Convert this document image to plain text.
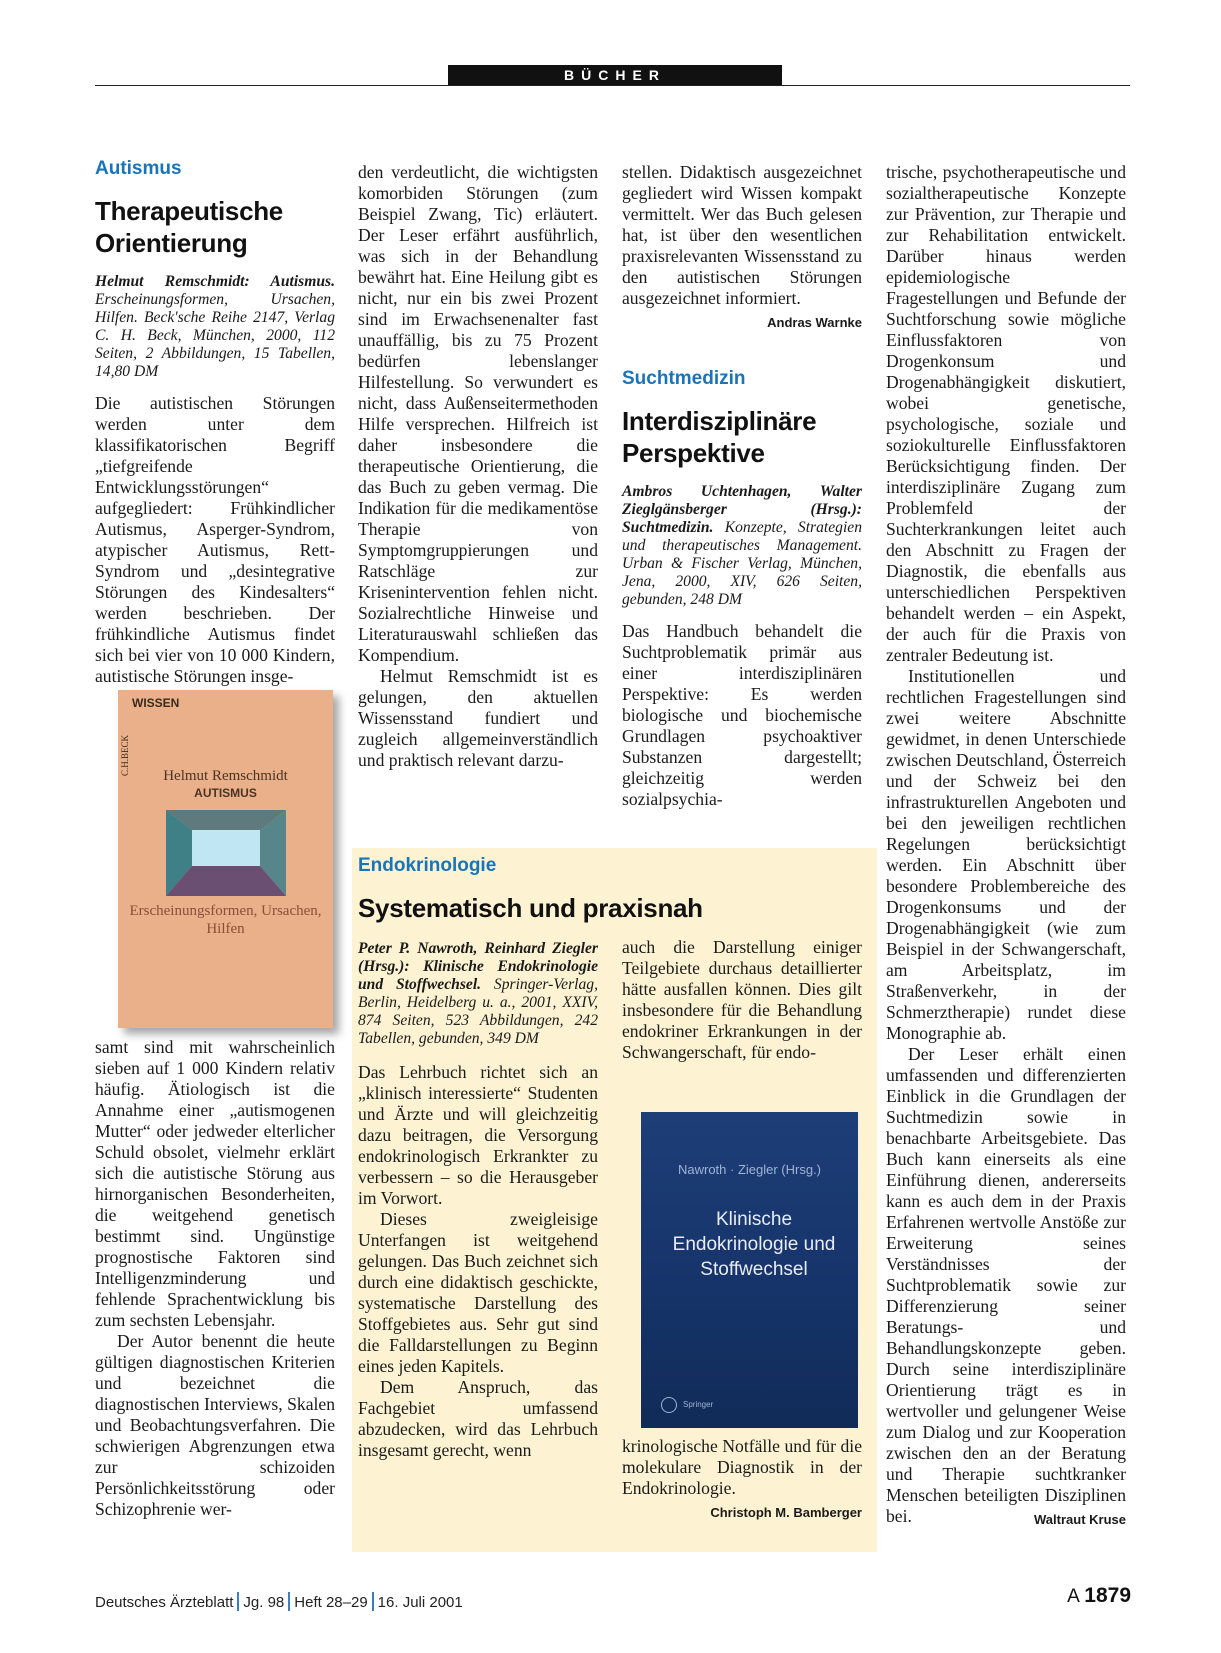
BÜCHER
Autismus
Therapeutische
Orientierung
Helmut Remschmidt: Autismus. Erscheinungsformen, Ursachen, Hilfen. Beck'sche Reihe 2147, Verlag C. H. Beck, München, 2000, 112 Seiten, 2 Abbildungen, 15 Tabellen, 14,80 DM

Die autistischen Störungen werden unter dem klassifikatorischen Begriff „tiefgreifende Entwicklungsstörungen“ aufgegliedert: Frühkindlicher Autismus, Asperger-Syndrom, atypischer Autismus, Rett-Syndrom und „desintegrative Störungen des Kindesalters“ werden beschrieben. Der frühkindliche Autismus findet sich bei vier von 10 000 Kindern, autistische Störungen insge-

WISSEN
C.H.BECK	Helmut Remschmidt
AUTISMUS
Erscheinungsformen, Ursachen, Hilfen

samt sind mit wahrscheinlich sieben auf 1 000 Kindern relativ häufig. Ätiologisch ist die Annahme einer „autismogenen Mutter“ oder jedweder elterlicher Schuld obsolet, vielmehr erklärt sich die autistische Störung aus hirnorganischen Besonderheiten, die weitgehend genetisch bestimmt sind. Ungünstige prognostische Faktoren sind Intelligenzminderung und fehlende Sprachentwicklung bis zum sechsten Lebensjahr.

Der Autor benennt die heute gültigen diagnostischen Kriterien und bezeichnet die diagnostischen Interviews, Skalen und Beobachtungsverfahren. Die schwierigen Abgrenzungen etwa zur schizoiden Persönlichkeitsstörung oder Schizophrenie wer-

den verdeutlicht, die wichtigsten komorbiden Störungen (zum Beispiel Zwang, Tic) erläutert. Der Leser erfährt ausführlich, was sich in der Behandlung bewährt hat. Eine Heilung gibt es nicht, nur ein bis zwei Prozent sind im Erwachsenenalter fast unauffällig, bis zu 75 Prozent bedürfen lebenslanger Hilfestellung. So verwundert es nicht, dass Außenseitermethoden Hilfe versprechen. Hilfreich ist daher insbesondere die therapeutische Orientierung, die das Buch zu geben vermag. Die Indikation für die medikamentöse Therapie von Symptomgruppierungen und Ratschläge zur Krisenintervention fehlen nicht. Sozialrechtliche Hinweise und Literaturauswahl schließen das Kompendium.

Helmut Remschmidt ist es gelungen, den aktuellen Wissensstand fundiert und zugleich allgemeinverständlich und praktisch relevant darzu-

stellen. Didaktisch ausgezeichnet gegliedert wird Wissen kompakt vermittelt. Wer das Buch gelesen hat, ist über den wesentlichen praxisrelevanten Wissensstand zu den autistischen Störungen ausgezeichnet informiert.
Andras Warnke

Suchtmedizin
Interdisziplinäre
Perspektive
Ambros Uchtenhagen, Walter Zieglgänsberger (Hrsg.): Suchtmedizin. Konzepte, Strategien und therapeutisches Management. Urban & Fischer Verlag, München, Jena, 2000, XIV, 626 Seiten, gebunden, 248 DM

Das Handbuch behandelt die Suchtproblematik primär aus einer interdisziplinären Perspektive: Es werden biologische und biochemische Grundlagen psychoaktiver Substanzen dargestellt; gleichzeitig werden sozialpsychia-

trische, psychotherapeutische und sozialtherapeutische Konzepte zur Prävention, zur Therapie und zur Rehabilitation entwickelt. Darüber hinaus werden epidemiologische Fragestellungen und Befunde der Suchtforschung sowie mögliche Einflussfaktoren von Drogenkonsum und Drogenabhängigkeit diskutiert, wobei genetische, psychologische, soziale und soziokulturelle Einflussfaktoren Berücksichtigung finden. Der interdisziplinäre Zugang zum Problemfeld der Suchterkrankungen leitet auch den Abschnitt zu Fragen der Diagnostik, die ebenfalls aus unterschiedlichen Perspektiven behandelt werden – ein Aspekt, der auch für die Praxis von zentraler Bedeutung ist.

Institutionellen und rechtlichen Fragestellungen sind zwei weitere Abschnitte gewidmet, in denen Unterschiede zwischen Deutschland, Österreich und der Schweiz bei den infrastrukturellen Angeboten und bei den jeweiligen rechtlichen Regelungen berücksichtigt werden. Ein Abschnitt über besondere Problembereiche des Drogenkonsums und der Drogenabhängigkeit (wie zum Beispiel in der Schwangerschaft, am Arbeitsplatz, im Straßenverkehr, in der Schmerztherapie) rundet diese Monographie ab.

Der Leser erhält einen umfassenden und differenzierten Einblick in die Grundlagen der Suchtmedizin sowie in benachbarte Arbeitsgebiete. Das Buch kann einerseits als eine Einführung dienen, andererseits kann es auch dem in der Praxis Erfahrenen wertvolle Anstöße zur Erweiterung seines Verständnisses der Suchtproblematik sowie zur Differenzierung seiner Beratungs- und Behandlungskonzepte geben. Durch seine interdisziplinäre Orientierung trägt es in wertvoller und gelungener Weise zum Dialog und zur Kooperation zwischen den an der Beratung und Therapie suchtkranker Menschen beteiligten Disziplinen bei.	Waltraut Kruse

Endokrinologie
Systematisch und praxisnah
Peter P. Nawroth, Reinhard Ziegler (Hrsg.): Klinische Endokrinologie und Stoffwechsel. Springer-Verlag, Berlin, Heidelberg u. a., 2001, XXIV, 874 Seiten, 523 Abbildungen, 242 Tabellen, gebunden, 349 DM

Das Lehrbuch richtet sich an „klinisch interessierte“ Studenten und Ärzte und will gleichzeitig dazu beitragen, die Versorgung endokrinologisch Erkrankter zu verbessern – so die Herausgeber im Vorwort.

Dieses zweigleisige Unterfangen ist weitgehend gelungen. Das Buch zeichnet sich durch eine didaktisch geschickte, systematische Darstellung des Stoffgebietes aus. Sehr gut sind die Falldarstellungen zu Beginn eines jeden Kapitels.

Dem Anspruch, das Fachgebiet umfassend abzudecken, wird das Lehrbuch insgesamt gerecht, wenn

auch die Darstellung einiger Teilgebiete durchaus detaillierter hätte ausfallen können. Dies gilt insbesondere für die Behandlung endokriner Erkrankungen in der Schwangerschaft, für endo-

Nawroth · Ziegler (Hrsg.)
Klinische Endokrinologie und Stoffwechsel
Springer

krinologische Notfälle und für die molekulare Diagnostik in der Endokrinologie.
Christoph M. Bamberger

Deutsches Ärzteblatt Jg. 98 Heft 28–29 16. Juli 2001	A 1879
